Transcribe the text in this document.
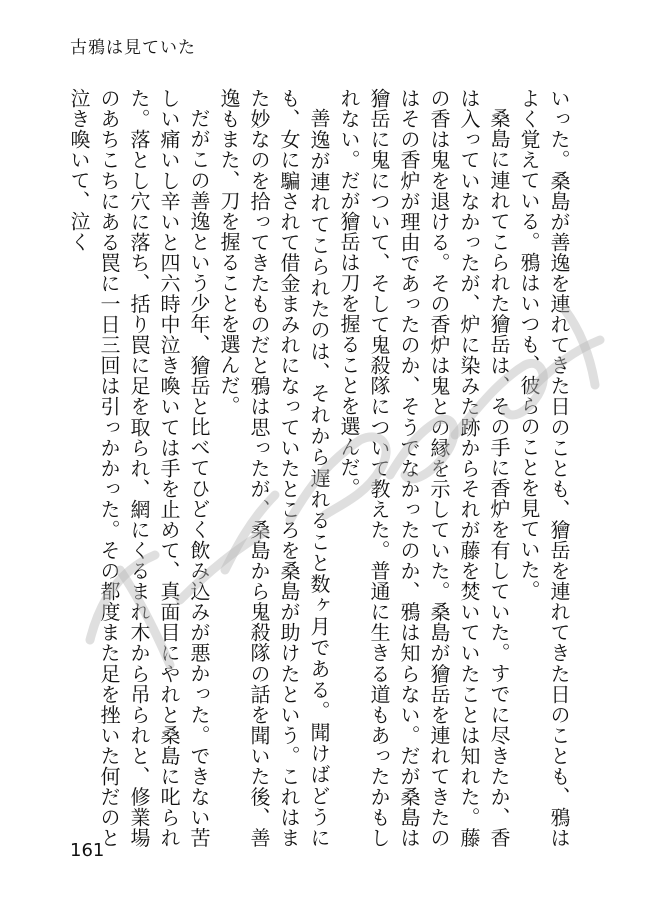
古鴉は見ていた

いった。桑島が善逸を連れてきた日のことも、獪岳を連れてきた日のことも、鴉はよく覚えている。鴉はいつも、彼らのことを見ていた。

桑島に連れてこられた獪岳は、その手に香炉を有していた。すでに尽きたか、香は入っていなかったが、炉に染みた跡からそれが藤を焚いていたことは知れた。藤の香は鬼を退ける。その香炉は鬼との縁を示していた。桑島が獪岳を連れてきたのはその香炉が理由であったのか、そうでなかったのか、鴉は知らない。だが桑島は獪岳に鬼について、そして鬼殺隊について教えた。普通に生きる道もあったかもしれない。だが獪岳は刀を握ることを選んだ。

善逸が連れてこられたのは、それから遅れること数ヶ月である。聞けばどうにも、女に騙されて借金まみれになっていたところを桑島が助けたという。これはまた妙なのを拾ってきたものだと鴉は思ったが、桑島から鬼殺隊の話を聞いた後、善逸もまた、刀を握ることを選んだ。

だがこの善逸という少年、獪岳と比べてひどく飲み込みが悪かった。できない苦しい痛いし辛いと四六時中泣き喚いては手を止めて、真面目にやれと桑島に叱られた。落とし穴に落ち、括り罠に足を取られ、網にくるまれ木から吊られと、修業場のあちこちにある罠に一日三回は引っかかった。その都度また足を挫いた何だのと泣き喚いて、泣く

161
